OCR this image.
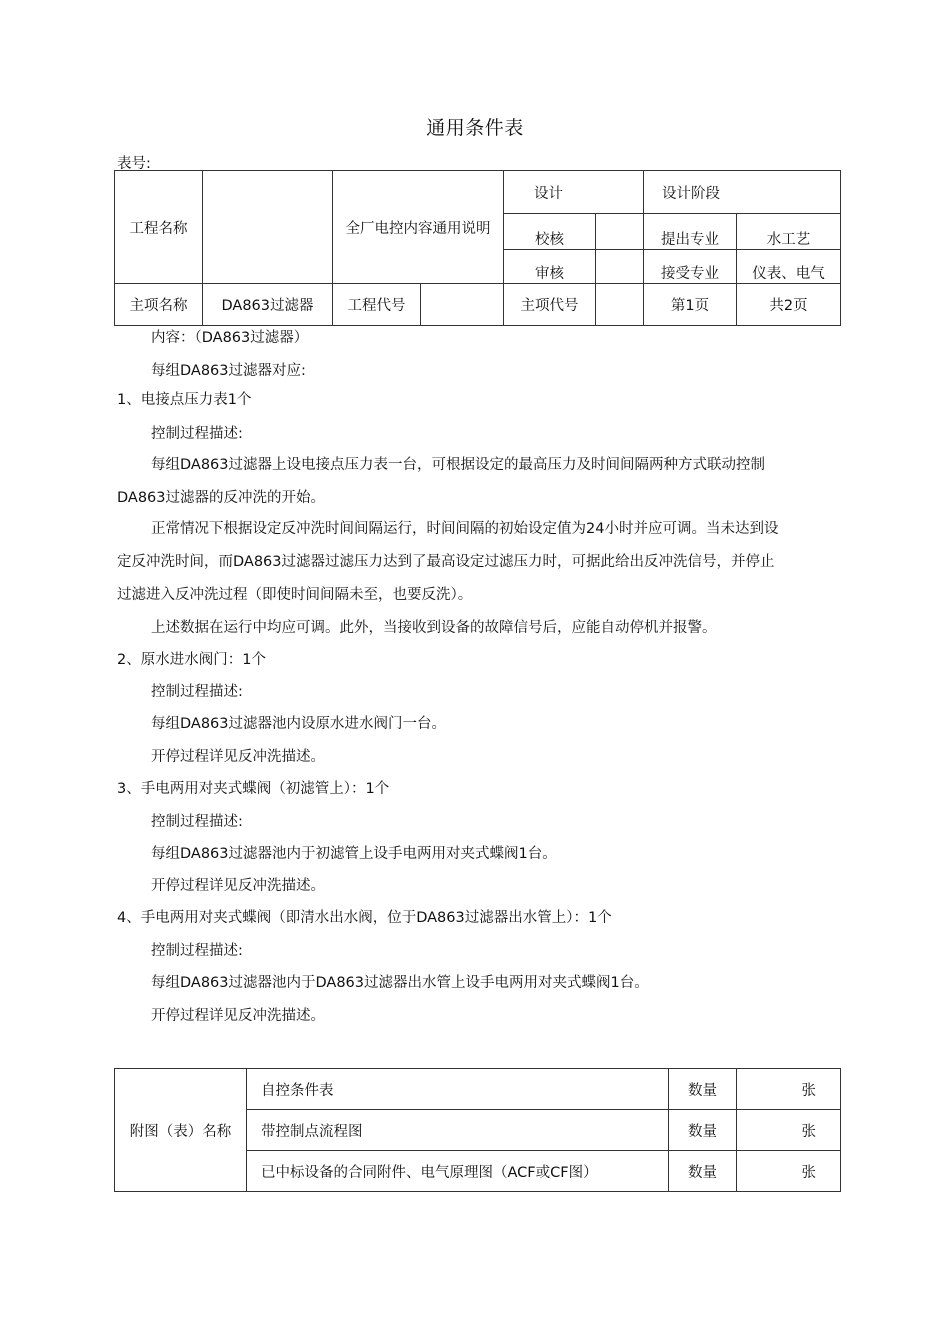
通用条件表
表号:
工程名称		全厂电控内容通用说明		设计		设计阶段	
				校核		提出专业	水工艺
				审核		接受专业	仪表、电气
主项名称	DA863过滤器	工程代号		主项代号		第1页	共2页
内容：（DA863过滤器）
每组DA863过滤器对应:
1、电接点压力表1个
控制过程描述:
每组DA863过滤器上设电接点压力表一台，可根据设定的最高压力及时间间隔两种方式联动控制
DA863过滤器的反冲洗的开始。
正常情况下根据设定反冲洗时间间隔运行，时间间隔的初始设定值为24小时并应可调。当未达到设
定反冲洗时间，而DA863过滤器过滤压力达到了最高设定过滤压力时，可据此给出反冲洗信号，并停止
过滤进入反冲洗过程（即使时间间隔未至，也要反洗）。
上述数据在运行中均应可调。此外，当接收到设备的故障信号后，应能自动停机并报警。
2、原水进水阀门：1个
控制过程描述:
每组DA863过滤器池内设原水进水阀门一台。
开停过程详见反冲洗描述。
3、手电两用对夹式蝶阀（初滤管上）：1个
控制过程描述:
每组DA863过滤器池内于初滤管上设手电两用对夹式蝶阀1台。
开停过程详见反冲洗描述。
4、手电两用对夹式蝶阀（即清水出水阀，位于DA863过滤器出水管上）：1个
控制过程描述:
每组DA863过滤器池内于DA863过滤器出水管上设手电两用对夹式蝶阀1台。
开停过程详见反冲洗描述。
附图（表）名称	自控条件表	数量	张
	带控制点流程图	数量	张
	已中标设备的合同附件、电气原理图（ACF或CF图）	数量	张
